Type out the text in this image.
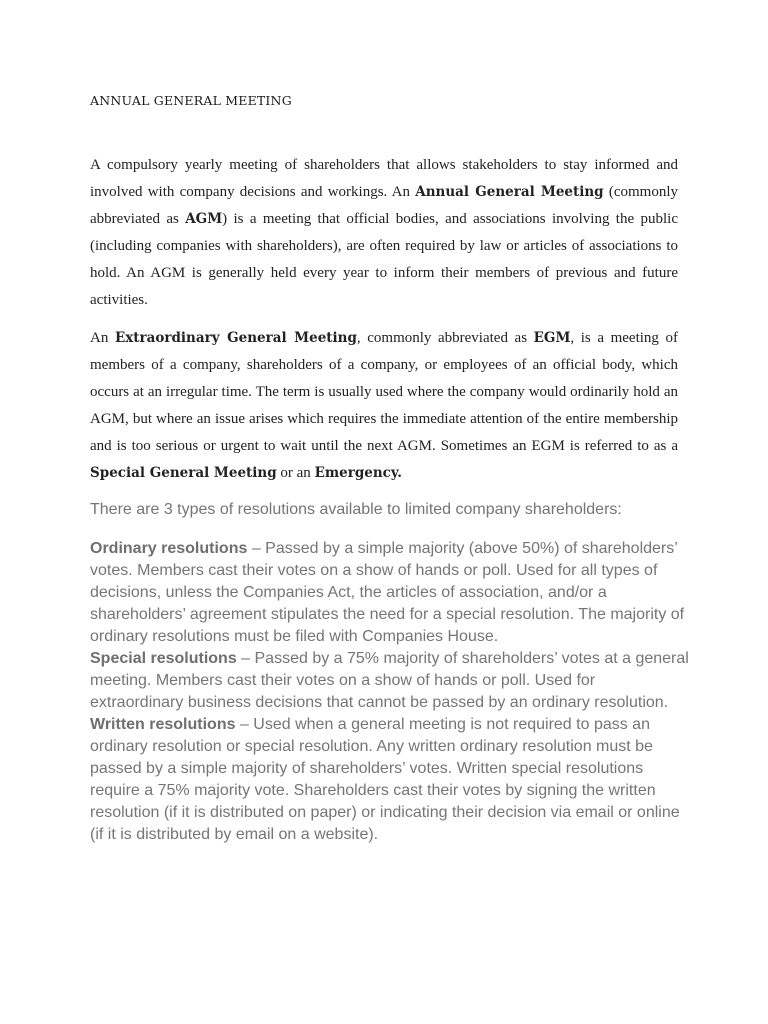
ANNUAL GENERAL MEETING

A compulsory yearly meeting of shareholders that allows stakeholders to stay informed and involved with company decisions and workings. An Annual General Meeting (commonly abbreviated as AGM) is a meeting that official bodies, and associations involving the public (including companies with shareholders), are often required by law or articles of associations to hold. An AGM is generally held every year to inform their members of previous and future activities.

An Extraordinary General Meeting, commonly abbreviated as EGM, is a meeting of members of a company, shareholders of a company, or employees of an official body, which occurs at an irregular time. The term is usually used where the company would ordinarily hold an AGM, but where an issue arises which requires the immediate attention of the entire membership and is too serious or urgent to wait until the next AGM. Sometimes an EGM is referred to as a Special General Meeting or an Emergency.

There are 3 types of resolutions available to limited company shareholders:

Ordinary resolutions – Passed by a simple majority (above 50%) of shareholders’ votes. Members cast their votes on a show of hands or poll. Used for all types of decisions, unless the Companies Act, the articles of association, and/or a shareholders’ agreement stipulates the need for a special resolution. The majority of ordinary resolutions must be filed with Companies House.

Special resolutions – Passed by a 75% majority of shareholders’ votes at a general meeting. Members cast their votes on a show of hands or poll. Used for extraordinary business decisions that cannot be passed by an ordinary resolution.

Written resolutions – Used when a general meeting is not required to pass an ordinary resolution or special resolution. Any written ordinary resolution must be passed by a simple majority of shareholders’ votes. Written special resolutions require a 75% majority vote. Shareholders cast their votes by signing the written resolution (if it is distributed on paper) or indicating their decision via email or online (if it is distributed by email on a website).
